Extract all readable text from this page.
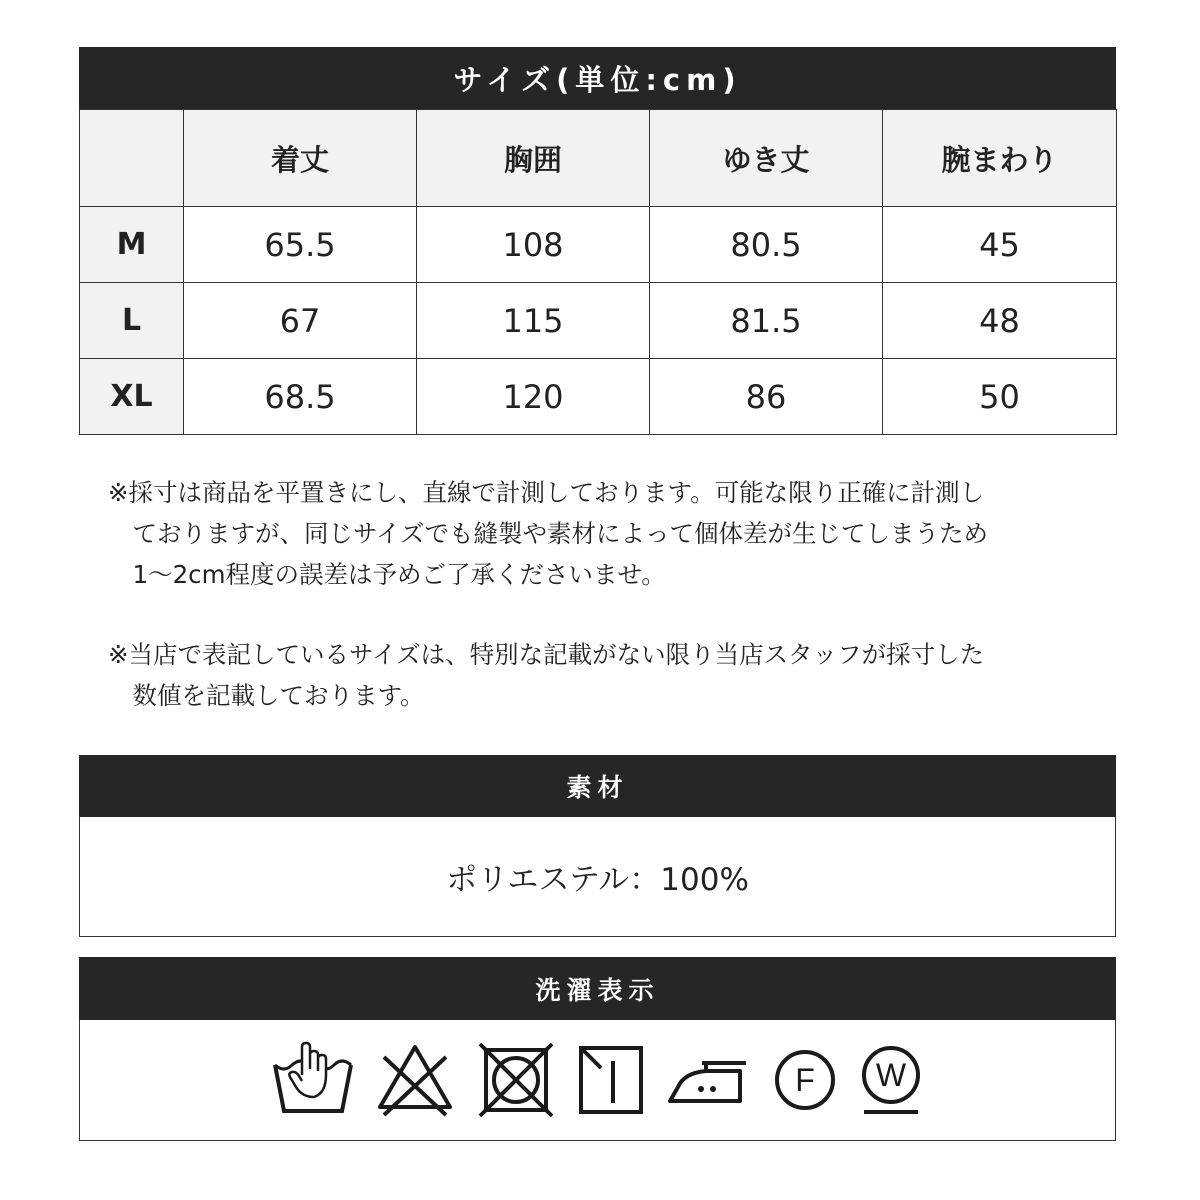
サイズ(単位:cm)
	着丈	胸囲	ゆき丈	腕まわり
M	65.5	108	80.5	45
L	67	115	81.5	48
XL	68.5	120	86	50
※採寸は商品を平置きにし、直線で計測しております。可能な限り正確に計測し
　ておりますが、同じサイズでも縫製や素材によって個体差が生じてしまうため
　1〜2cm程度の誤差は予めご了承くださいませ。
※当店で表記しているサイズは、特別な記載がない限り当店スタッフが採寸した
　数値を記載しております。
素材
ポリエステル：100%
洗濯表示
F W
